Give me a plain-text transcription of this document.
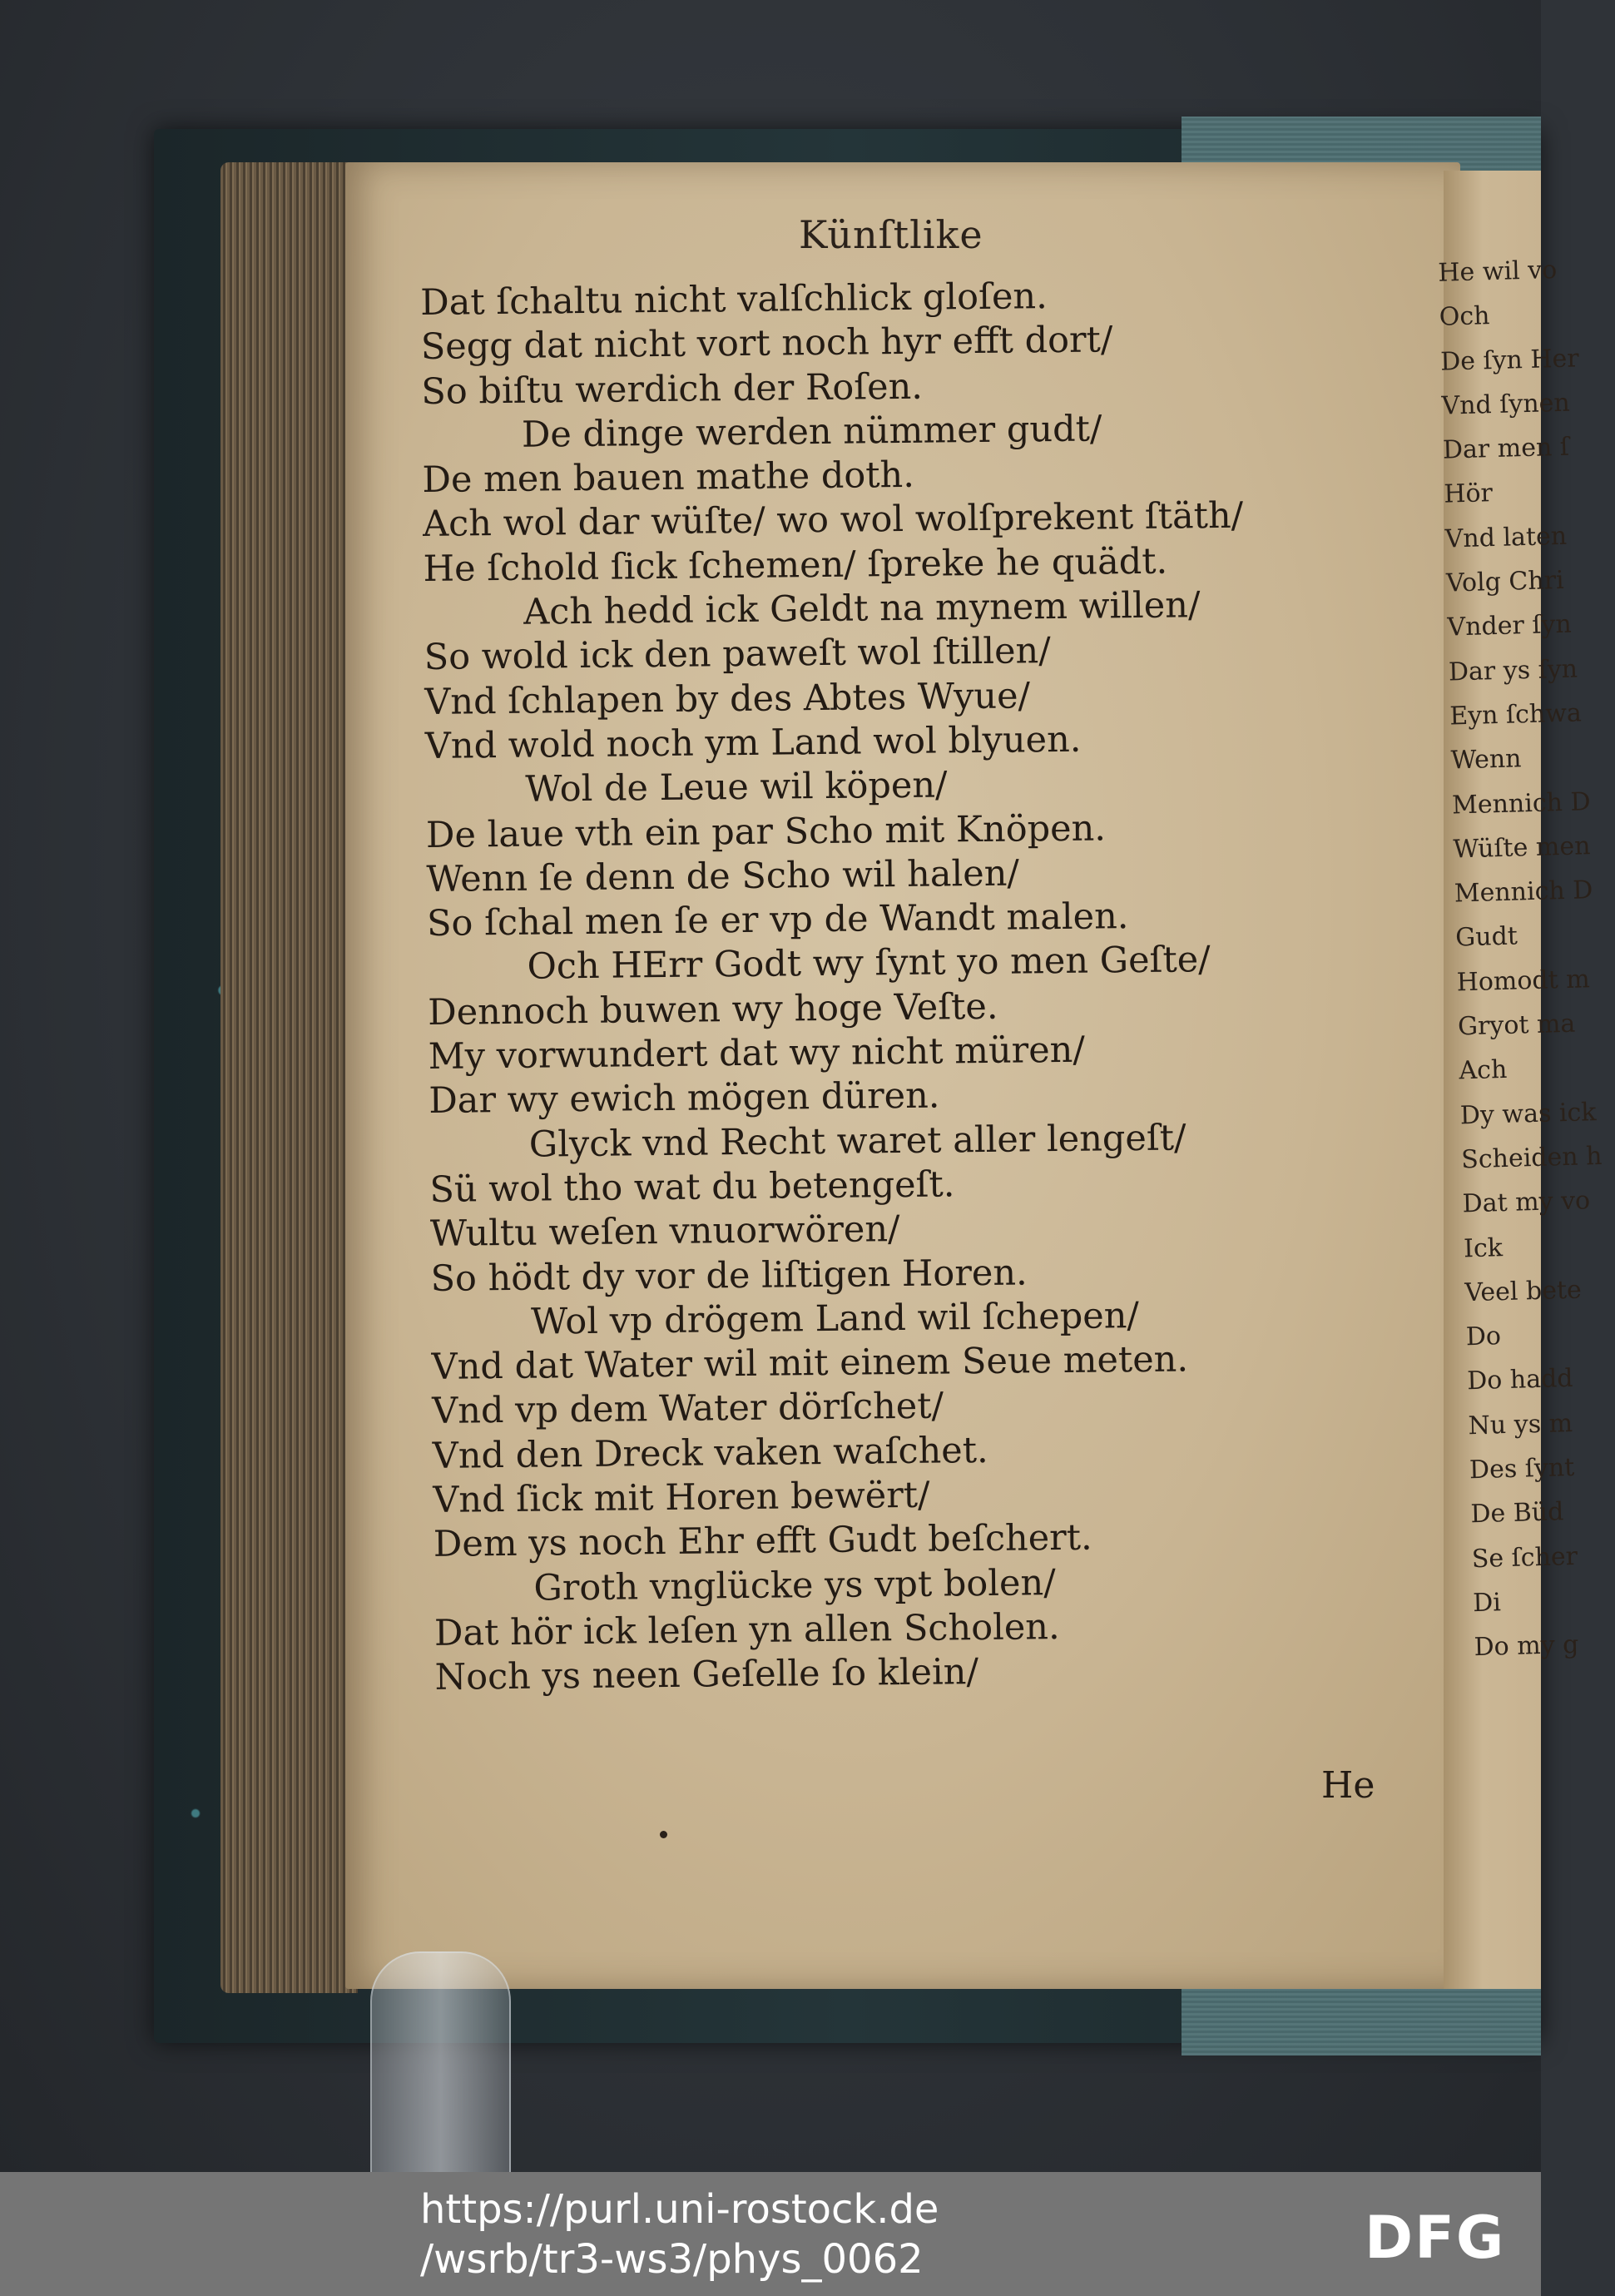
He wil vo
Och
De ſyn Her
Vnd ſynen
Dar men ſ
Hör
Vnd laten
Volg Chri
Vnder ſyn
Dar ys ſyn
Eyn ſchwa
Wenn
Mennich D
Wüſte men
Mennich D
Gudt
Homodt m
Gryot ma
Ach
Dy was ick
Scheiden h
Dat my vo
Ick
Veel bete
Do
Do hadd
Nu ys m
Des ſynt
De Büd
Se ſcher
Di
Do my g
Künſtlike
Dat ſchaltu nicht valſchlick gloſen.
Segg dat nicht vort noch hyr efft dort/
So biſtu werdich der Roſen.
De dinge werden nümmer gudt/
De men bauen mathe doth.
Ach wol dar wüſte/ wo wol wolſprekent ſtäth/
He ſchold ſick ſchemen/ ſpreke he quädt.
Ach hedd ick Geldt na mynem willen/
So wold ick den paweſt wol ſtillen/
Vnd ſchlapen by des Abtes Wyue/
Vnd wold noch ym Land wol blyuen.
Wol de Leue wil köpen/
De laue vth ein par Scho mit Knöpen.
Wenn ſe denn de Scho wil halen/
So ſchal men ſe er vp de Wandt malen.
Och HErr Godt wy ſynt yo men Geſte/
Dennoch buwen wy hoge Veſte.
My vorwundert dat wy nicht müren/
Dar wy ewich mögen düren.
Glyck vnd Recht waret aller lengeſt/
Sü wol tho wat du betengeſt.
Wultu weſen vnuorwören/
So hödt dy vor de liſtigen Horen.
Wol vp drögem Land wil ſchepen/
Vnd dat Water wil mit einem Seue meten.
Vnd vp dem Water dörſchet/
Vnd den Dreck vaken waſchet.
Vnd ſick mit Horen bewërt/
Dem ys noch Ehr efft Gudt beſchert.
Groth vnglücke ys vpt bolen/
Dat hör ick leſen yn allen Scholen.
Noch ys neen Geſelle ſo klein/
He
https://purl.uni-rostock.de
/wsrb/tr3-ws3/phys_0062	DFG
